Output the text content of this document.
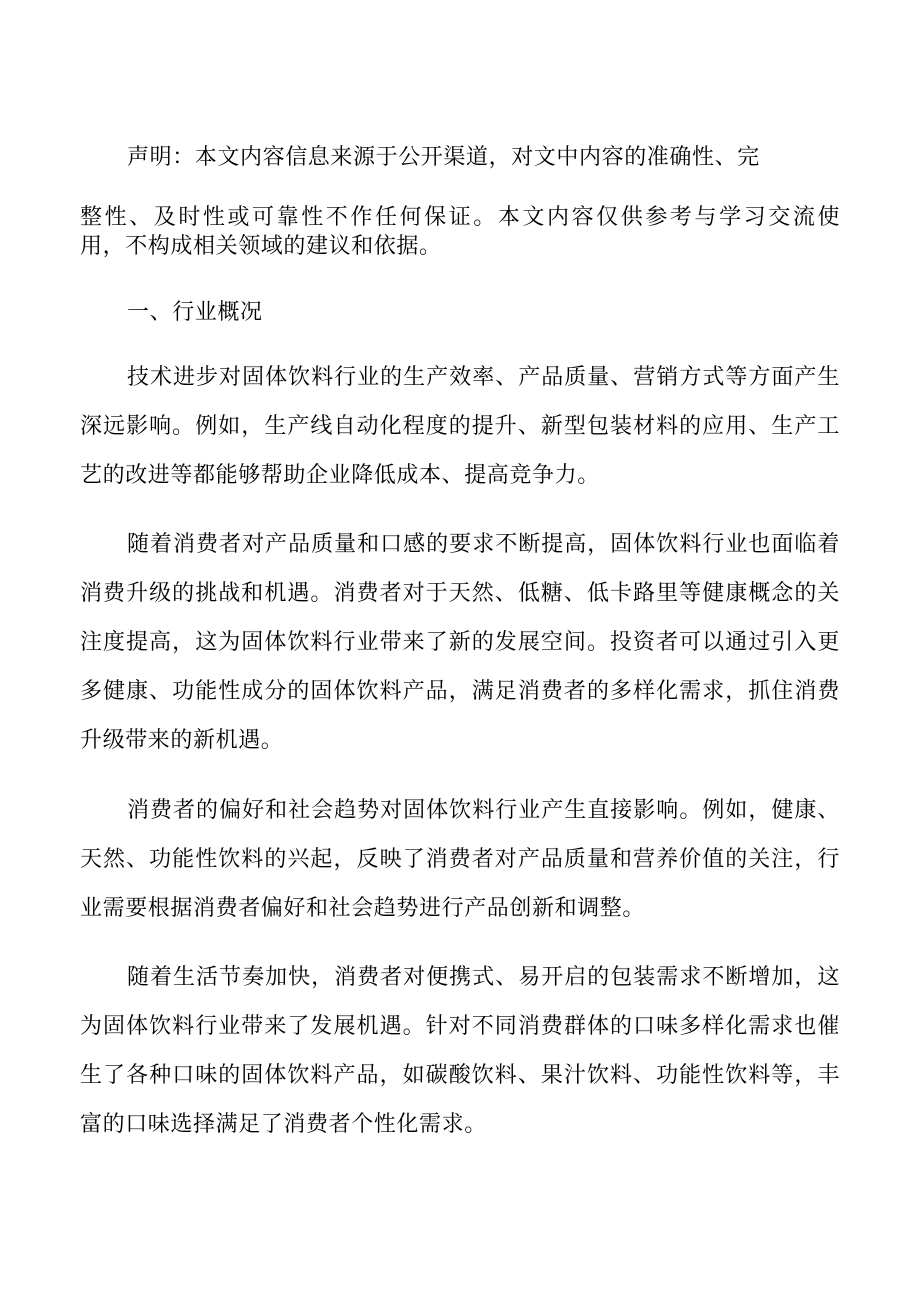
声明：本文内容信息来源于公开渠道，对文中内容的准确性、完
整性、及时性或可靠性不作任何保证。本文内容仅供参考与学习交流使
用，不构成相关领域的建议和依据。
一、行业概况
技术进步对固体饮料行业的生产效率、产品质量、营销方式等方面产生
深远影响。例如，生产线自动化程度的提升、新型包装材料的应用、生产工
艺的改进等都能够帮助企业降低成本、提高竞争力。
随着消费者对产品质量和口感的要求不断提高，固体饮料行业也面临着
消费升级的挑战和机遇。消费者对于天然、低糖、低卡路里等健康概念的关
注度提高，这为固体饮料行业带来了新的发展空间。投资者可以通过引入更
多健康、功能性成分的固体饮料产品，满足消费者的多样化需求，抓住消费
升级带来的新机遇。
消费者的偏好和社会趋势对固体饮料行业产生直接影响。例如，健康、
天然、功能性饮料的兴起，反映了消费者对产品质量和营养价值的关注，行
业需要根据消费者偏好和社会趋势进行产品创新和调整。
随着生活节奏加快，消费者对便携式、易开启的包装需求不断增加，这
为固体饮料行业带来了发展机遇。针对不同消费群体的口味多样化需求也催
生了各种口味的固体饮料产品，如碳酸饮料、果汁饮料、功能性饮料等，丰
富的口味选择满足了消费者个性化需求。
